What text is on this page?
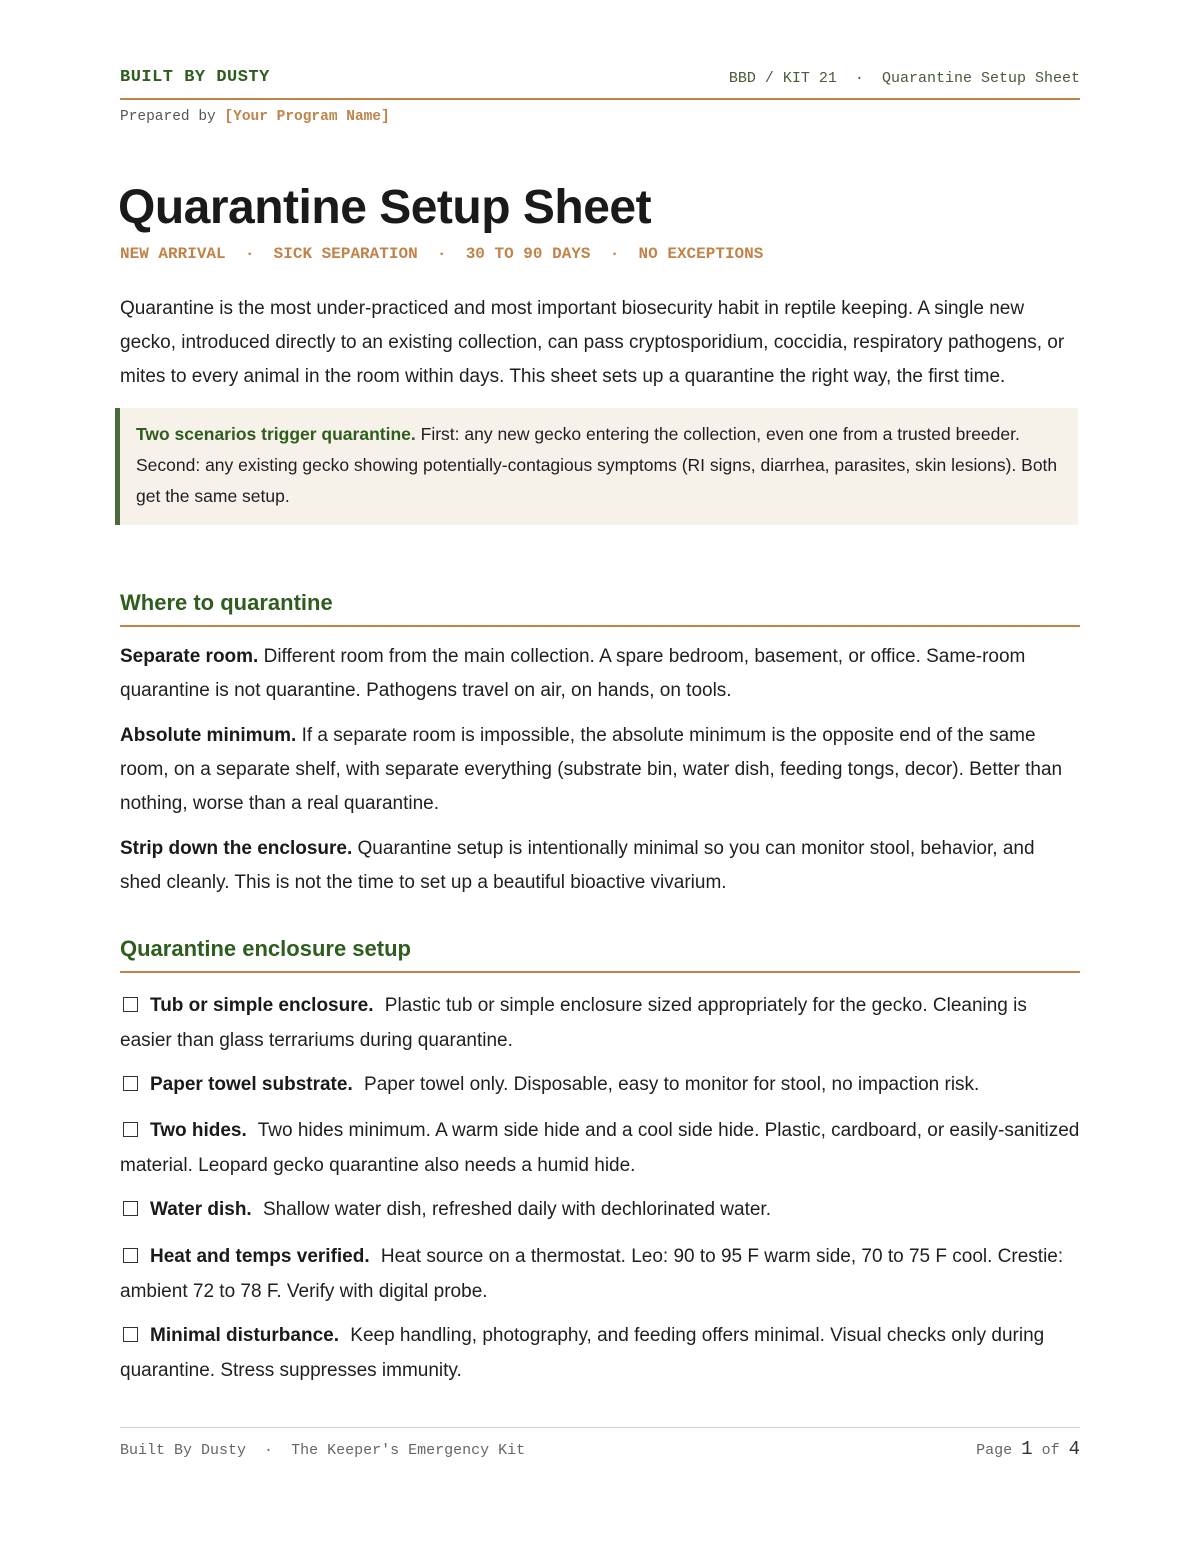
BUILT BY DUSTY	BBD / KIT 21 · Quarantine Setup Sheet
Prepared by [Your Program Name]
Quarantine Setup Sheet
NEW ARRIVAL  ·  SICK SEPARATION  ·  30 TO 90 DAYS  ·  NO EXCEPTIONS

Quarantine is the most under-practiced and most important biosecurity habit in reptile keeping. A single new gecko, introduced directly to an existing collection, can pass cryptosporidium, coccidia, respiratory pathogens, or mites to every animal in the room within days. This sheet sets up a quarantine the right way, the first time.

Two scenarios trigger quarantine. First: any new gecko entering the collection, even one from a trusted breeder. Second: any existing gecko showing potentially-contagious symptoms (RI signs, diarrhea, parasites, skin lesions). Both get the same setup.

Where to quarantine

Separate room. Different room from the main collection. A spare bedroom, basement, or office. Same-room quarantine is not quarantine. Pathogens travel on air, on hands, on tools.

Absolute minimum. If a separate room is impossible, the absolute minimum is the opposite end of the same room, on a separate shelf, with separate everything (substrate bin, water dish, feeding tongs, decor). Better than nothing, worse than a real quarantine.

Strip down the enclosure. Quarantine setup is intentionally minimal so you can monitor stool, behavior, and shed cleanly. This is not the time to set up a beautiful bioactive vivarium.

Quarantine enclosure setup

Tub or simple enclosure. Plastic tub or simple enclosure sized appropriately for the gecko. Cleaning is easier than glass terrariums during quarantine.

Paper towel substrate. Paper towel only. Disposable, easy to monitor for stool, no impaction risk.

Two hides. Two hides minimum. A warm side hide and a cool side hide. Plastic, cardboard, or easily-sanitized material. Leopard gecko quarantine also needs a humid hide.

Water dish. Shallow water dish, refreshed daily with dechlorinated water.

Heat and temps verified. Heat source on a thermostat. Leo: 90 to 95 F warm side, 70 to 75 F cool. Crestie: ambient 72 to 78 F. Verify with digital probe.

Minimal disturbance. Keep handling, photography, and feeding offers minimal. Visual checks only during quarantine. Stress suppresses immunity.

Built By Dusty · The Keeper's Emergency Kit	Page 1 of 4
